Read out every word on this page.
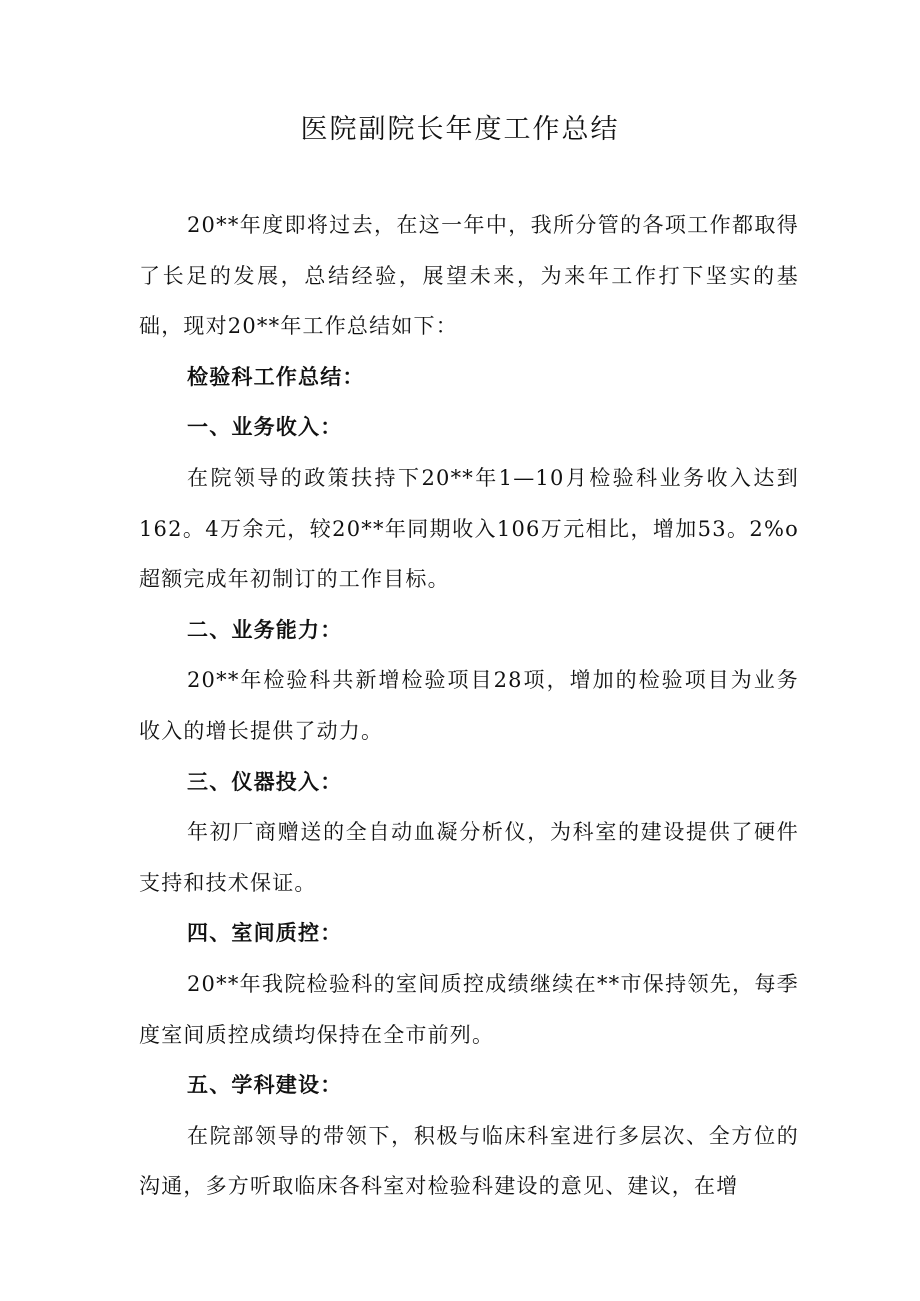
医院副院长年度工作总结

20**年度即将过去，在这一年中，我所分管的各项工作都取得了长足的发展，总结经验，展望未来，为来年工作打下坚实的基础，现对20**年工作总结如下：

检验科工作总结：

一、业务收入：

在院领导的政策扶持下20**年1—10月检验科业务收入达到162。4万余元，较20**年同期收入106万元相比，增加53。2%o超额完成年初制订的工作目标。

二、业务能力：

20**年检验科共新增检验项目28项，增加的检验项目为业务收入的增长提供了动力。

三、仪器投入：

年初厂商赠送的全自动血凝分析仪，为科室的建设提供了硬件支持和技术保证。

四、室间质控：

20**年我院检验科的室间质控成绩继续在**市保持领先，每季度室间质控成绩均保持在全市前列。

五、学科建设：

在院部领导的带领下，积极与临床科室进行多层次、全方位的沟通，多方听取临床各科室对检验科建设的意见、建议，在增
